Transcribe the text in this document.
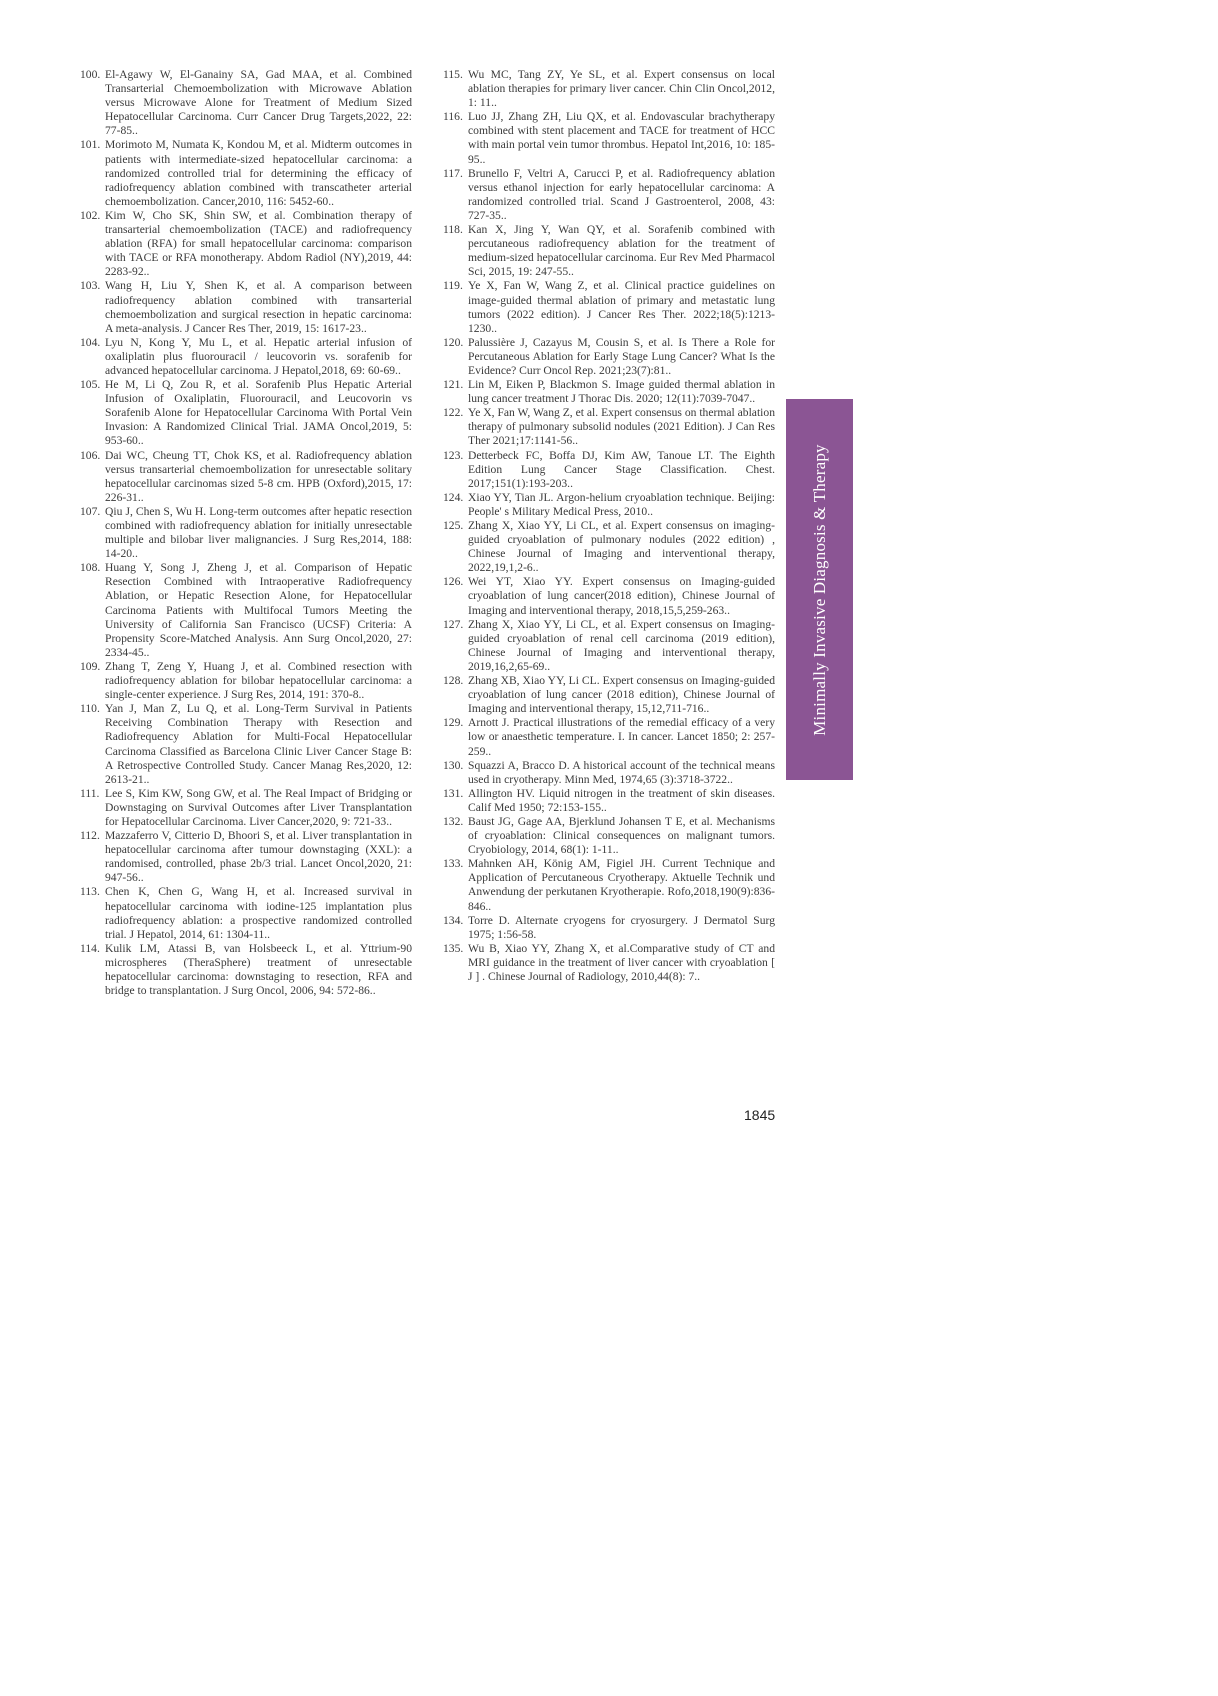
100. El-Agawy W, El-Ganainy SA, Gad MAA, et al. Combined Transarterial Chemoembolization with Microwave Ablation versus Microwave Alone for Treatment of Medium Sized Hepatocellular Carcinoma. Curr Cancer Drug Targets,2022, 22: 77-85..
101. Morimoto M, Numata K, Kondou M, et al. Midterm outcomes in patients with intermediate-sized hepatocellular carcinoma: a randomized controlled trial for determining the efficacy of radiofrequency ablation combined with transcatheter arterial chemoembolization. Cancer,2010, 116: 5452-60..
102. Kim W, Cho SK, Shin SW, et al. Combination therapy of transarterial chemoembolization (TACE) and radiofrequency ablation (RFA) for small hepatocellular carcinoma: comparison with TACE or RFA monotherapy. Abdom Radiol (NY),2019, 44: 2283-92..
103. Wang H, Liu Y, Shen K, et al. A comparison between radiofrequency ablation combined with transarterial chemoembolization and surgical resection in hepatic carcinoma: A meta-analysis. J Cancer Res Ther, 2019, 15: 1617-23..
104. Lyu N, Kong Y, Mu L, et al. Hepatic arterial infusion of oxaliplatin plus fluorouracil / leucovorin vs. sorafenib for advanced hepatocellular carcinoma. J Hepatol,2018, 69: 60-69..
105. He M, Li Q, Zou R, et al. Sorafenib Plus Hepatic Arterial Infusion of Oxaliplatin, Fluorouracil, and Leucovorin vs Sorafenib Alone for Hepatocellular Carcinoma With Portal Vein Invasion: A Randomized Clinical Trial. JAMA Oncol,2019, 5: 953-60..
106. Dai WC, Cheung TT, Chok KS, et al. Radiofrequency ablation versus transarterial chemoembolization for unresectable solitary hepatocellular carcinomas sized 5-8 cm. HPB (Oxford),2015, 17: 226-31..
107. Qiu J, Chen S, Wu H. Long-term outcomes after hepatic resection combined with radiofrequency ablation for initially unresectable multiple and bilobar liver malignancies. J Surg Res,2014, 188: 14-20..
108. Huang Y, Song J, Zheng J, et al. Comparison of Hepatic Resection Combined with Intraoperative Radiofrequency Ablation, or Hepatic Resection Alone, for Hepatocellular Carcinoma Patients with Multifocal Tumors Meeting the University of California San Francisco (UCSF) Criteria: A Propensity Score-Matched Analysis. Ann Surg Oncol,2020, 27: 2334-45..
109. Zhang T, Zeng Y, Huang J, et al. Combined resection with radiofrequency ablation for bilobar hepatocellular carcinoma: a single-center experience. J Surg Res, 2014, 191: 370-8..
110. Yan J, Man Z, Lu Q, et al. Long-Term Survival in Patients Receiving Combination Therapy with Resection and Radiofrequency Ablation for Multi-Focal Hepatocellular Carcinoma Classified as Barcelona Clinic Liver Cancer Stage B: A Retrospective Controlled Study. Cancer Manag Res,2020, 12: 2613-21..
111. Lee S, Kim KW, Song GW, et al. The Real Impact of Bridging or Downstaging on Survival Outcomes after Liver Transplantation for Hepatocellular Carcinoma. Liver Cancer,2020, 9: 721-33..
112. Mazzaferro V, Citterio D, Bhoori S, et al. Liver transplantation in hepatocellular carcinoma after tumour downstaging (XXL): a randomised, controlled, phase 2b/3 trial. Lancet Oncol,2020, 21: 947-56..
113. Chen K, Chen G, Wang H, et al. Increased survival in hepatocellular carcinoma with iodine-125 implantation plus radiofrequency ablation: a prospective randomized controlled trial. J Hepatol, 2014, 61: 1304-11..
114. Kulik LM, Atassi B, van Holsbeeck L, et al. Yttrium-90 microspheres (TheraSphere) treatment of unresectable hepatocellular carcinoma: downstaging to resection, RFA and bridge to transplantation. J Surg Oncol, 2006, 94: 572-86..
115. Wu MC, Tang ZY, Ye SL, et al. Expert consensus on local ablation therapies for primary liver cancer. Chin Clin Oncol,2012, 1: 11..
116. Luo JJ, Zhang ZH, Liu QX, et al. Endovascular brachytherapy combined with stent placement and TACE for treatment of HCC with main portal vein tumor thrombus. Hepatol Int,2016, 10: 185-95..
117. Brunello F, Veltri A, Carucci P, et al. Radiofrequency ablation versus ethanol injection for early hepatocellular carcinoma: A randomized controlled trial. Scand J Gastroenterol, 2008, 43: 727-35..
118. Kan X, Jing Y, Wan QY, et al. Sorafenib combined with percutaneous radiofrequency ablation for the treatment of medium-sized hepatocellular carcinoma. Eur Rev Med Pharmacol Sci, 2015, 19: 247-55..
119. Ye X, Fan W, Wang Z, et al. Clinical practice guidelines on image-guided thermal ablation of primary and metastatic lung tumors (2022 edition). J Cancer Res Ther. 2022;18(5):1213-1230..
120. Palussière J, Cazayus M, Cousin S, et al. Is There a Role for Percutaneous Ablation for Early Stage Lung Cancer? What Is the Evidence? Curr Oncol Rep. 2021;23(7):81..
121. Lin M, Eiken P, Blackmon S. Image guided thermal ablation in lung cancer treatment J Thorac Dis. 2020; 12(11):7039-7047..
122. Ye X, Fan W, Wang Z, et al. Expert consensus on thermal ablation therapy of pulmonary subsolid nodules (2021 Edition). J Can Res Ther 2021;17:1141-56..
123. Detterbeck FC, Boffa DJ, Kim AW, Tanoue LT. The Eighth Edition Lung Cancer Stage Classification. Chest. 2017;151(1):193-203..
124. Xiao YY, Tian JL. Argon-helium cryoablation technique. Beijing: People' s Military Medical Press, 2010..
125. Zhang X, Xiao YY, Li CL, et al. Expert consensus on imaging-guided cryoablation of pulmonary nodules (2022 edition) , Chinese Journal of Imaging and interventional therapy, 2022,19,1,2-6..
126. Wei YT, Xiao YY. Expert consensus on Imaging-guided cryoablation of lung cancer(2018 edition), Chinese Journal of Imaging and interventional therapy, 2018,15,5,259-263..
127. Zhang X, Xiao YY, Li CL, et al. Expert consensus on Imaging-guided cryoablation of renal cell carcinoma (2019 edition), Chinese Journal of Imaging and interventional therapy, 2019,16,2,65-69..
128. Zhang XB, Xiao YY, Li CL. Expert consensus on Imaging-guided cryoablation of lung cancer (2018 edition), Chinese Journal of Imaging and interventional therapy, 15,12,711-716..
129. Arnott J. Practical illustrations of the remedial efficacy of a very low or anaesthetic temperature. I. In cancer. Lancet 1850; 2: 257-259..
130. Squazzi A, Bracco D. A historical account of the technical means used in cryotherapy. Minn Med, 1974,65 (3):3718-3722..
131. Allington HV. Liquid nitrogen in the treatment of skin diseases. Calif Med 1950; 72:153-155..
132. Baust JG, Gage AA, Bjerklund Johansen T E, et al. Mechanisms of cryoablation: Clinical consequences on malignant tumors. Cryobiology, 2014, 68(1): 1-11..
133. Mahnken AH, König AM, Figiel JH. Current Technique and Application of Percutaneous Cryotherapy. Aktuelle Technik und Anwendung der perkutanen Kryotherapie. Rofo,2018,190(9):836-846..
134. Torre D. Alternate cryogens for cryosurgery. J Dermatol Surg 1975; 1:56-58.
135. Wu B, Xiao YY, Zhang X, et al.Comparative study of CT and MRI guidance in the treatment of liver cancer with cryoablation [ J ] . Chinese Journal of Radiology, 2010,44(8): 7..
Minimally Invasive Diagnosis & Therapy
1845
